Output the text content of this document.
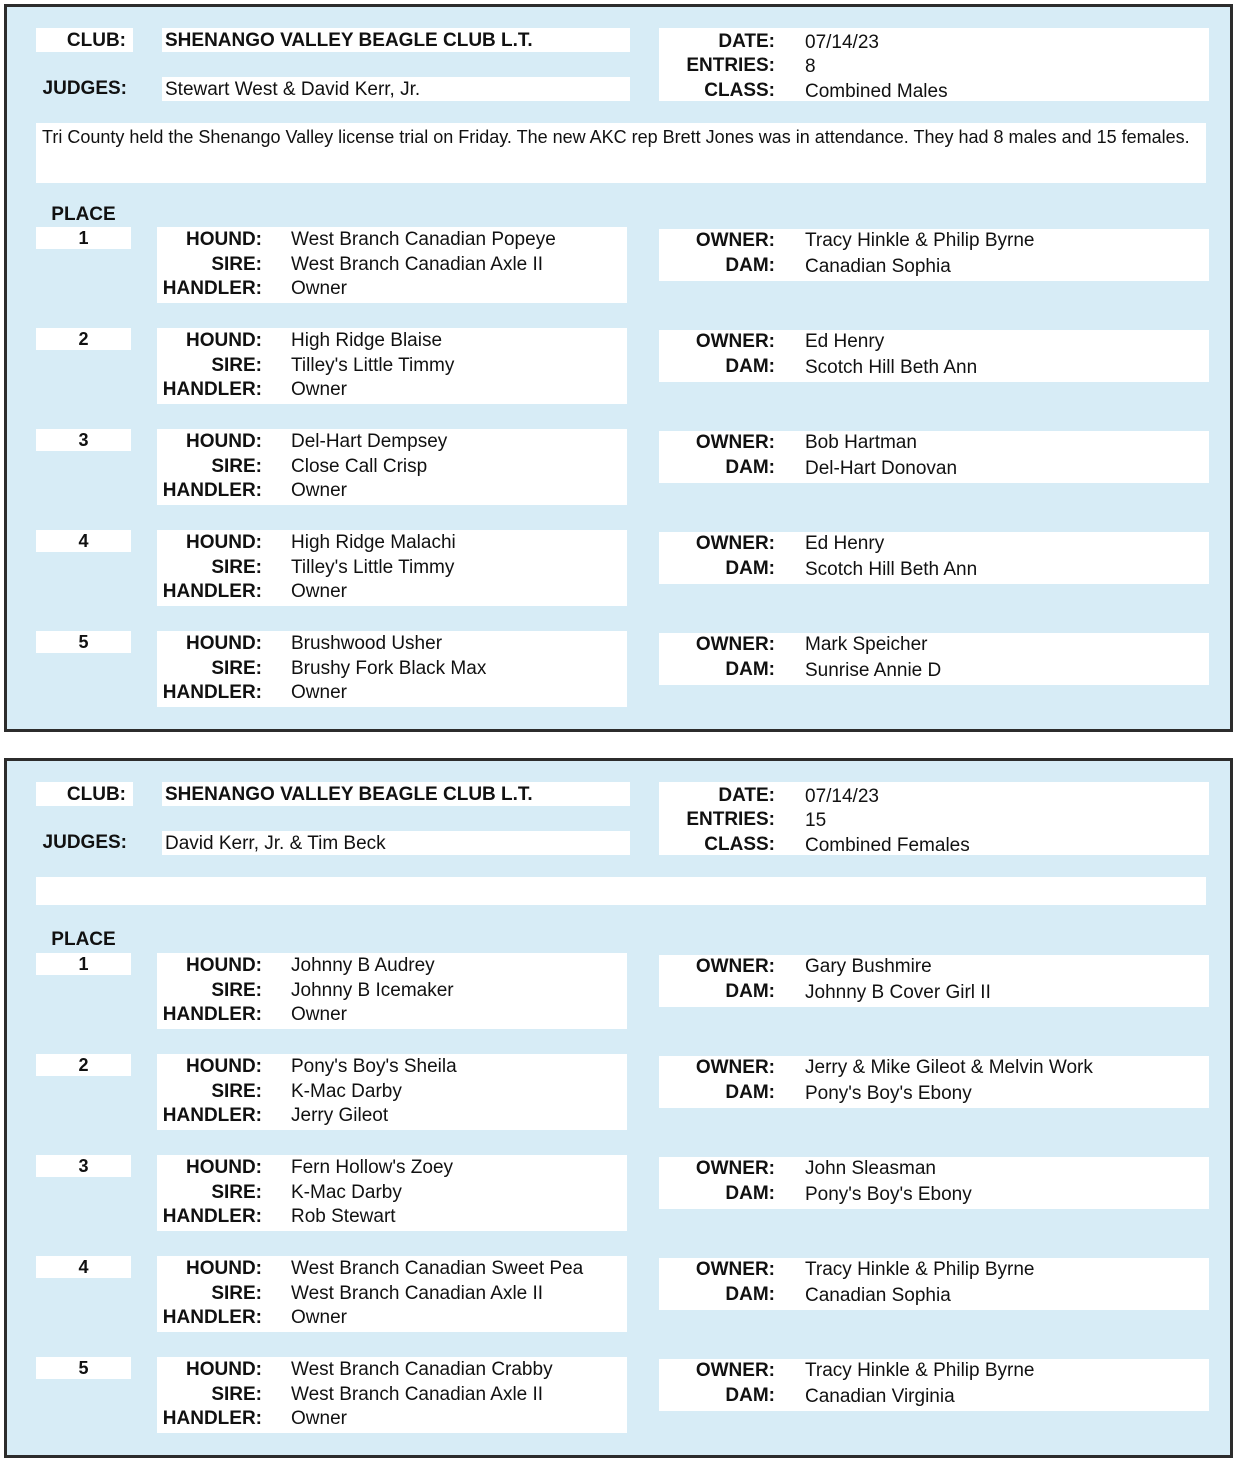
CLUB: SHENANGO VALLEY BEAGLE CLUB L.T.
JUDGES: Stewart West & David Kerr, Jr.
DATE: 07/14/23
ENTRIES: 8
CLASS: Combined Males
Tri County held the Shenango Valley license trial on Friday. The new AKC rep Brett Jones was in attendance. They had 8 males and 15 females.
PLACE
1	HOUND: West Branch Canadian Popeye
SIRE: West Branch Canadian Axle II
HANDLER: Owner
OWNER: Tracy Hinkle & Philip Byrne
DAM: Canadian Sophia
2	HOUND: High Ridge Blaise
SIRE: Tilley's Little Timmy
HANDLER: Owner
OWNER: Ed Henry
DAM: Scotch Hill Beth Ann
3	HOUND: Del-Hart Dempsey
SIRE: Close Call Crisp
HANDLER: Owner
OWNER: Bob Hartman
DAM: Del-Hart Donovan
4	HOUND: High Ridge Malachi
SIRE: Tilley's Little Timmy
HANDLER: Owner
OWNER: Ed Henry
DAM: Scotch Hill Beth Ann
5	HOUND: Brushwood Usher
SIRE: Brushy Fork Black Max
HANDLER: Owner
OWNER: Mark Speicher
DAM: Sunrise Annie D
CLUB: SHENANGO VALLEY BEAGLE CLUB L.T.
JUDGES: David Kerr, Jr. & Tim Beck
DATE: 07/14/23
ENTRIES: 15
CLASS: Combined Females
PLACE
1	HOUND: Johnny B Audrey
SIRE: Johnny B Icemaker
HANDLER: Owner
OWNER: Gary Bushmire
DAM: Johnny B Cover Girl II
2	HOUND: Pony's Boy's Sheila
SIRE: K-Mac Darby
HANDLER: Jerry Gileot
OWNER: Jerry & Mike Gileot & Melvin Work
DAM: Pony's Boy's Ebony
3	HOUND: Fern Hollow's Zoey
SIRE: K-Mac Darby
HANDLER: Rob Stewart
OWNER: John Sleasman
DAM: Pony's Boy's Ebony
4	HOUND: West Branch Canadian Sweet Pea
SIRE: West Branch Canadian Axle II
HANDLER: Owner
OWNER: Tracy Hinkle & Philip Byrne
DAM: Canadian Sophia
5	HOUND: West Branch Canadian Crabby
SIRE: West Branch Canadian Axle II
HANDLER: Owner
OWNER: Tracy Hinkle & Philip Byrne
DAM: Canadian Virginia
